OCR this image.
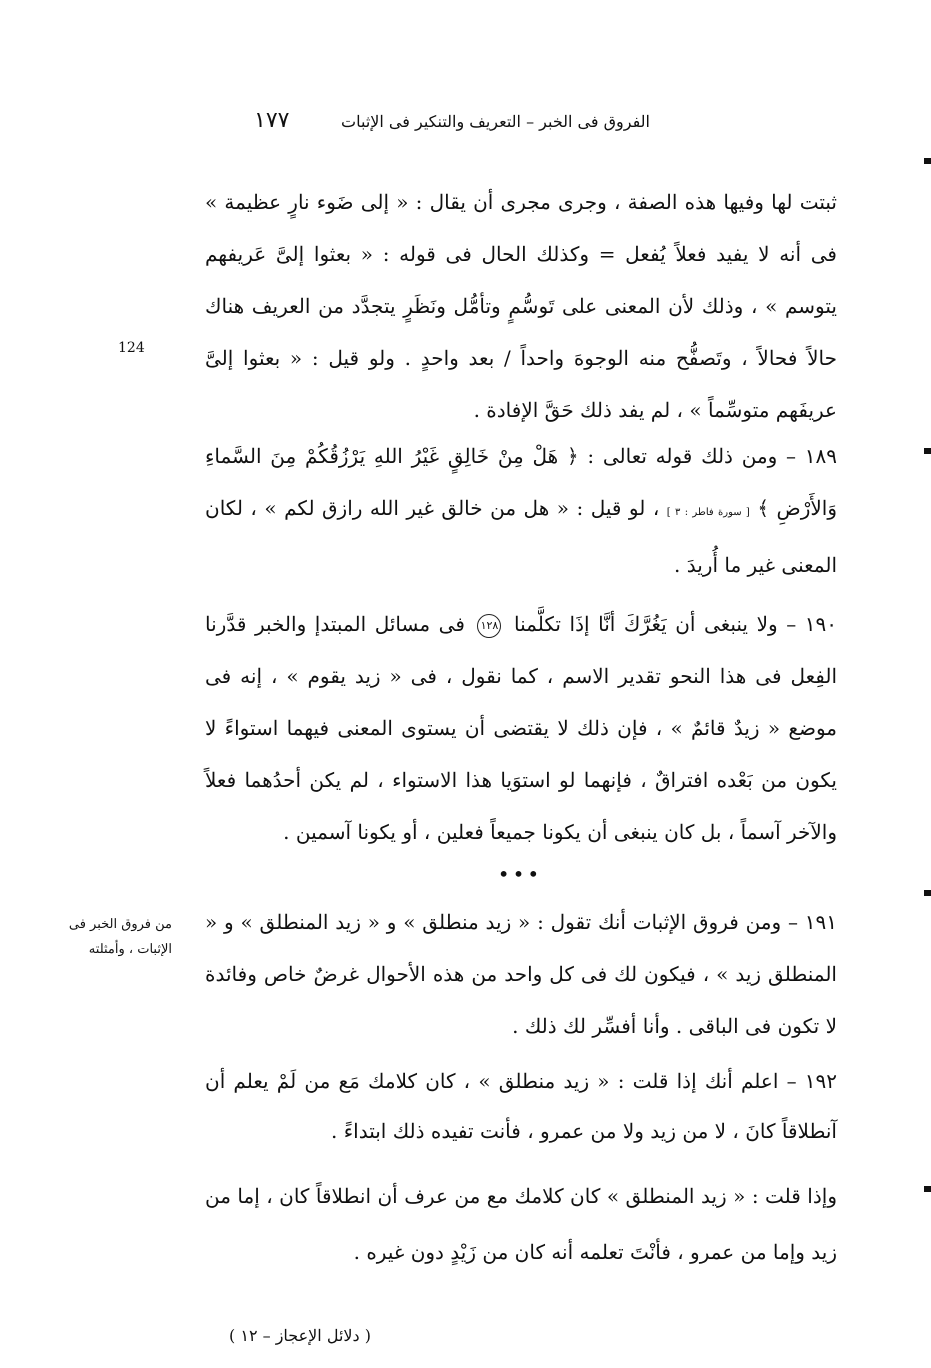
الفروق فى الخبر – التعريف والتنكير فى الإثبات
١٧٧

ثبتت لها وفيها هذه الصفة ، وجرى مجرى أن يقال : « إلى ضَوء نارٍ عظيمة » فى أنه لا يفيد فعلاً يُفعل = وكذلك الحال فى قوله : « بعثوا إلىَّ عَريفهم يتوسم » ، وذلك لأن المعنى على تَوسُّمٍ وتأمُّل ونَظَرٍ يتجدَّد من العريف هناك حالاً فحالاً ، وتَصفُّح منه الوجوهَ واحداً / بعد واحدٍ . ولو قيل : « بعثوا إلىَّ عريفَهم متوسِّماً » ، لم يفد ذلك حَقَّ الإفادة .

١٨٩ – ومن ذلك قوله تعالى : ﴿ هَلْ مِنْ خَالِقٍ غَيْرُ اللهِ يَرْزُقُكُمْ مِنَ السَّماءِ وَالأَرْضِ ﴾ [ سورة فاطر : ٣ ] ، لو قيل : « هل من خالق غير الله رازق لكم » ، لكان المعنى غير ما أُريدَ .

١٩٠ – ولا ينبغى أن يَغُرَّكَ أنَّا إذَا تكلَّمنا ١٢٨ فى مسائل المبتدإ والخبر قدَّرنا الفِعل فى هذا النحو تقدير الاسم ، كما نقول ، فى « زيد يقوم » ، إنه فى موضع « زيدٌ قائمٌ » ، فإن ذلك لا يقتضى أن يستوى المعنى فيهما استواءً لا يكون من بَعْده افتراقٌ ، فإنهما لو استوَيا هذا الاستواء ، لم يكن أحدُهما فعلاً والآخر آسماً ، بل كان ينبغى أن يكونا جميعاً فعلين ، أو يكونا آسمين .

•••

١٩١ – ومن فروق الإثبات أنك تقول : « زيد منطلق » و « زيد المنطلق » و « المنطلق زيد » ، فيكون لك فى كل واحد من هذه الأحوال غرضٌ خاص وفائدة لا تكون فى الباقى . وأنا أفسِّر لك ذلك .

١٩٢ – اعلم أنك إذا قلت : « زيد منطلق » ، كان كلامك مَع من لَمْ يعلم أن آنطلاقاً كانَ ، لا من زيد ولا من عمرو ، فأنت تفيده ذلك ابتداءً .

وإذا قلت : « زيد المنطلق » كان كلامك مع من عرف أن انطلاقاً كان ، إما من زيد وإما من عمرو ، فأنْتَ تعلمه أنه كان من زَيْدٍ دون غيره .

124
من فروق الخبر فى الإثبات ، وأمثلته
( دلائل الإعجاز – ١٢ )
